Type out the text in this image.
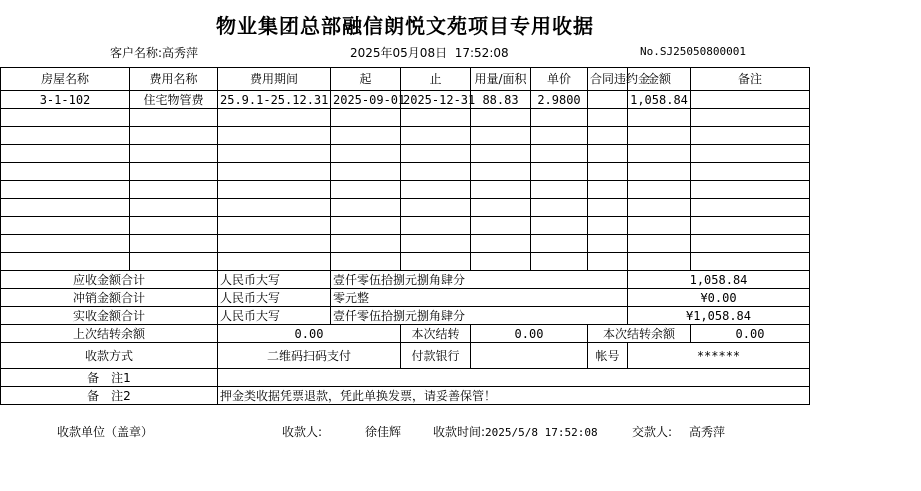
物业集团总部融信朗悦文苑项目专用收据
客户名称:高秀萍	2025年05月08日 17:52:08	No.SJ25050800001
房屋名称	费用名称	费用期间	起	止	用量/面积	单价	合同违约金	金额	备注
3-1-102	住宅物管费	25.9.1-25.12.31	2025-09-01	2025-12-31	88.83	2.9800		1,058.84	

应收金额合计		人民币大写	壹仟零伍拾捌元捌角肆分					1,058.84	
冲销金额合计		人民币大写	零元整					¥0.00	
实收金额合计		人民币大写	壹仟零伍拾捌元捌角肆分					¥1,058.84	
上次结转余额		0.00		本次结转	0.00		本次结转余额		0.00
收款方式		二维码扫码支付		付款银行			帐号	******	
备　注1									
备　注2		押金类收据凭票退款，凭此单换发票，请妥善保管！							
收款单位（盖章）	收款人:	徐佳辉	收款时间:2025/5/8 17:52:08	交款人: 高秀萍
